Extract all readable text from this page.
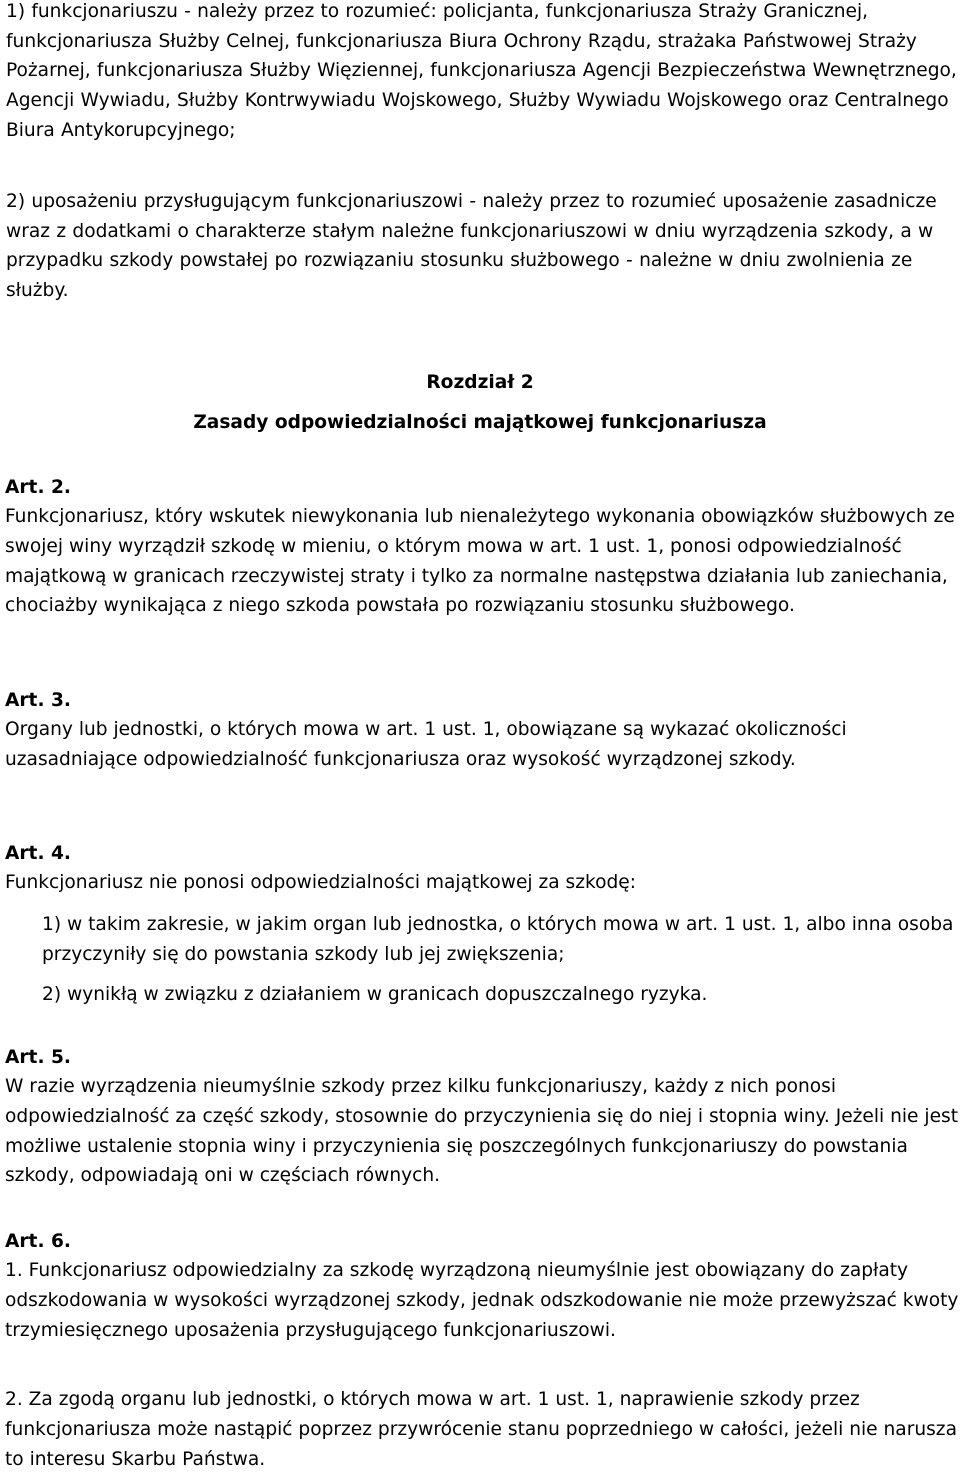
1) funkcjonariuszu - należy przez to rozumieć: policjanta, funkcjonariusza Straży Granicznej, funkcjonariusza Służby Celnej, funkcjonariusza Biura Ochrony Rządu, strażaka Państwowej Straży Pożarnej, funkcjonariusza Służby Więziennej, funkcjonariusza Agencji Bezpieczeństwa Wewnętrznego, Agencji Wywiadu, Służby Kontrwywiadu Wojskowego, Służby Wywiadu Wojskowego oraz Centralnego Biura Antykorupcyjnego;

2) uposażeniu przysługującym funkcjonariuszowi - należy przez to rozumieć uposażenie zasadnicze wraz z dodatkami o charakterze stałym należne funkcjonariuszowi w dniu wyrządzenia szkody, a w przypadku szkody powstałej po rozwiązaniu stosunku służbowego - należne w dniu zwolnienia ze służby.

Rozdział 2

Zasady odpowiedzialności majątkowej funkcjonariusza

Art. 2.

Funkcjonariusz, który wskutek niewykonania lub nienależytego wykonania obowiązków służbowych ze swojej winy wyrządził szkodę w mieniu, o którym mowa w art. 1 ust. 1, ponosi odpowiedzialność majątkową w granicach rzeczywistej straty i tylko za normalne następstwa działania lub zaniechania, chociażby wynikająca z niego szkoda powstała po rozwiązaniu stosunku służbowego.

Art. 3.

Organy lub jednostki, o których mowa w art. 1 ust. 1, obowiązane są wykazać okoliczności uzasadniające odpowiedzialność funkcjonariusza oraz wysokość wyrządzonej szkody.

Art. 4.

Funkcjonariusz nie ponosi odpowiedzialności majątkowej za szkodę:

1) w takim zakresie, w jakim organ lub jednostka, o których mowa w art. 1 ust. 1, albo inna osoba przyczyniły się do powstania szkody lub jej zwiększenia;

2) wynikłą w związku z działaniem w granicach dopuszczalnego ryzyka.

Art. 5.

W razie wyrządzenia nieumyślnie szkody przez kilku funkcjonariuszy, każdy z nich ponosi odpowiedzialność za część szkody, stosownie do przyczynienia się do niej i stopnia winy. Jeżeli nie jest możliwe ustalenie stopnia winy i przyczynienia się poszczególnych funkcjonariuszy do powstania szkody, odpowiadają oni w częściach równych.

Art. 6.

1. Funkcjonariusz odpowiedzialny za szkodę wyrządzoną nieumyślnie jest obowiązany do zapłaty odszkodowania w wysokości wyrządzonej szkody, jednak odszkodowanie nie może przewyższać kwoty trzymiesięcznego uposażenia przysługującego funkcjonariuszowi.

2. Za zgodą organu lub jednostki, o których mowa w art. 1 ust. 1, naprawienie szkody przez funkcjonariusza może nastąpić poprzez przywrócenie stanu poprzedniego w całości, jeżeli nie narusza to interesu Skarbu Państwa.
